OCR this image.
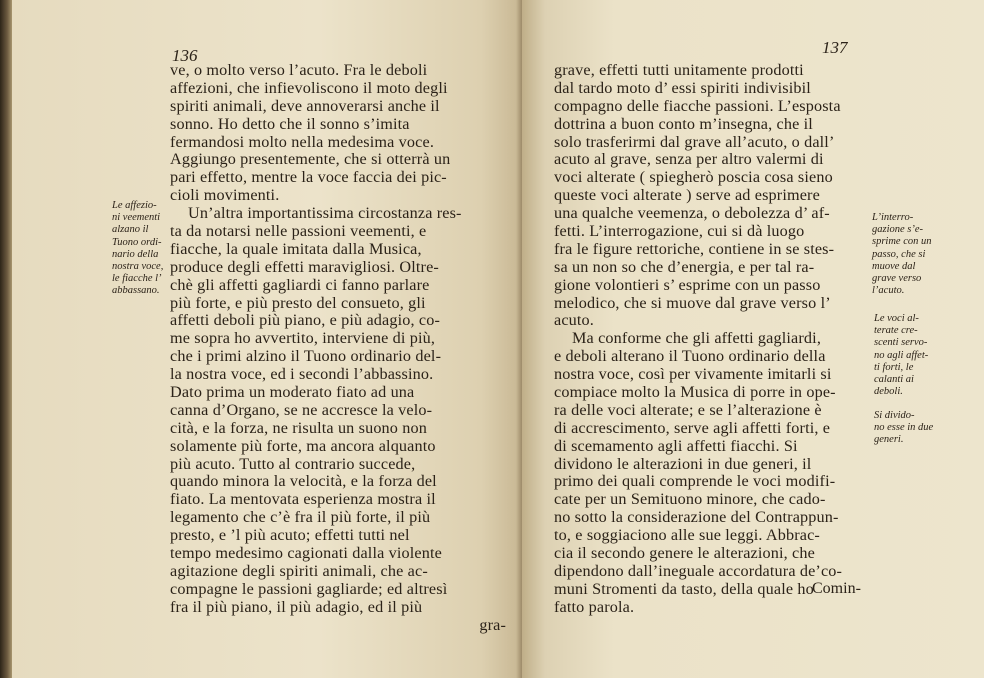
136
ve, o molto verso l’acuto. Fra le deboli
affezioni, che infievoliscono il moto degli
spiriti animali, deve annoverarsi anche il
sonno. Ho detto che il sonno s’imita
fermandosi molto nella medesima voce.
Aggiungo presentemente, che si otterrà un
pari effetto, mentre la voce faccia dei pic-
cioli movimenti.
Un’altra importantissima circostanza res-
ta da notarsi nelle passioni veementi, e
fiacche, la quale imitata dalla Musica,
produce degli effetti maravigliosi. Oltre-
chè gli affetti gagliardi ci fanno parlare
più forte, e più presto del consueto, gli
affetti deboli più piano, e più adagio, co-
me sopra ho avvertito, interviene di più,
che i primi alzino il Tuono ordinario del-
la nostra voce, ed i secondi l’abbassino.
Dato prima un moderato fiato ad una
canna d’Organo, se ne accresce la velo-
cità, e la forza, ne risulta un suono non
solamente più forte, ma ancora alquanto
più acuto. Tutto al contrario succede,
quando minora la velocità, e la forza del
fiato. La mentovata esperienza mostra il
legamento che c’è fra il più forte, il più
presto, e ’l più acuto; effetti tutti nel
tempo medesimo cagionati dalla violente
agitazione degli spiriti animali, che ac-
compagne le passioni gagliarde; ed altresì
fra il più piano, il più adagio, ed il più
gra-
Le affezio-
ni veementi
alzano il
Tuono ordi-
nario della
nostra voce,
le fiacche l’
abbassano.
137
grave, effetti tutti unitamente prodotti
dal tardo moto d’ essi spiriti indivisibil
compagno delle fiacche passioni. L’esposta
dottrina a buon conto m’insegna, che il
solo trasferirmi dal grave all’acuto, o dall’
acuto al grave, senza per altro valermi di
voci alterate ( spiegherò poscia cosa sieno
queste voci alterate ) serve ad esprimere
una qualche veemenza, o debolezza d’ af-
fetti. L’interrogazione, cui si dà luogo
fra le figure rettoriche, contiene in se stes-
sa un non so che d’energia, e per tal ra-
gione volontieri s’ esprime con un passo
melodico, che si muove dal grave verso l’
acuto.
Ma conforme che gli affetti gagliardi,
e deboli alterano il Tuono ordinario della
nostra voce, così per vivamente imitarli si
compiace molto la Musica di porre in ope-
ra delle voci alterate; e se l’alterazione è
di accrescimento, serve agli affetti forti, e
di scemamento agli affetti fiacchi. Si
dividono le alterazioni in due generi, il
primo dei quali comprende le voci modifi-
cate per un Semituono minore, che cado-
no sotto la considerazione del Contrappun-
to, e soggiaciono alle sue leggi. Abbrac-
cia il secondo genere le alterazioni, che
dipendono dall’ineguale accordatura de’co-
muni Stromenti da tasto, della quale ho
fatto parola.
Comin-
L’interro-
gazione s’e-
sprime con un
passo, che si
muove dal
grave verso
l’acuto.
Le voci al-
terate cre-
scenti servo-
no agli affet-
ti forti, le
calanti ai
deboli.
Si divido-
no esse in due
generi.
